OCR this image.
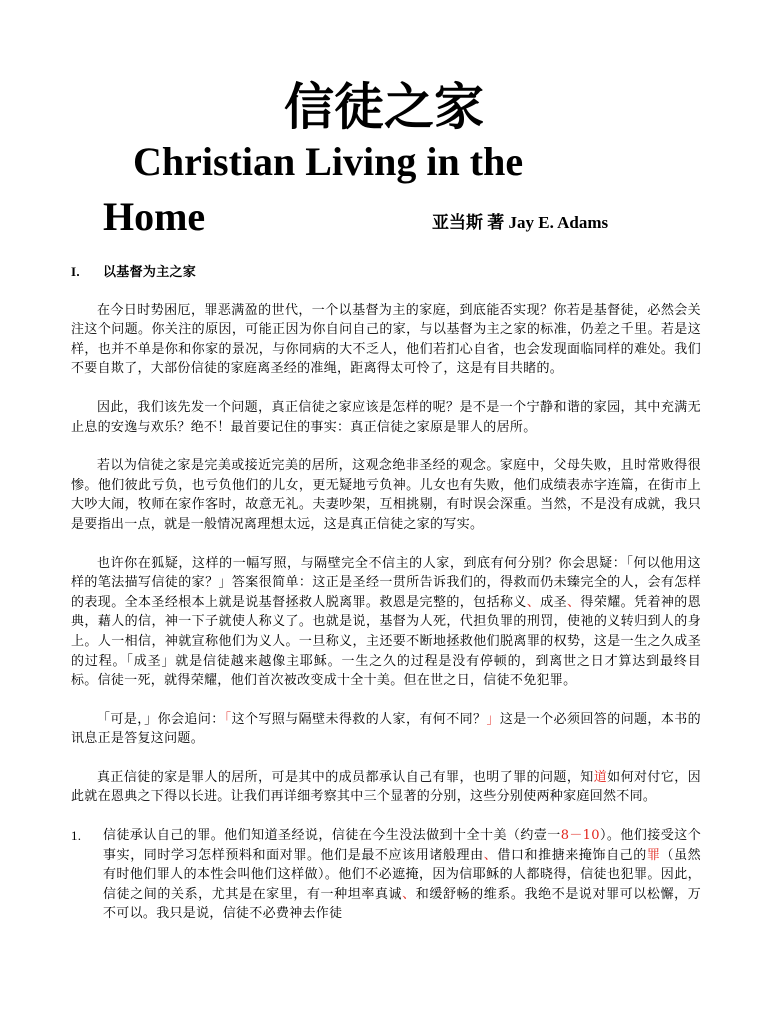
信徒之家
Christian Living in the
Home	亚当斯 著 Jay E. Adams
I. 以基督为主之家

在今日时势困厄，罪恶满盈的世代，一个以基督为主的家庭，到底能否实现？你若是基督徒，必然会关注这个问题。你关注的原因，可能正因为你自问自己的家，与以基督为主之家的标准，仍差之千里。若是这样，也并不单是你和你家的景况，与你同病的大不乏人，他们若扪心自省，也会发现面临同样的难处。我们不要自欺了，大部份信徒的家庭离圣经的准绳，距离得太可怜了，这是有目共睹的。

因此，我们该先发一个问题，真正信徒之家应该是怎样的呢？是不是一个宁静和谐的家园，其中充满无止息的安逸与欢乐？绝不！最首要记住的事实：真正信徒之家原是罪人的居所。

若以为信徒之家是完美或接近完美的居所，这观念绝非圣经的观念。家庭中，父母失败，且时常败得很惨。他们彼此亏负，也亏负他们的儿女，更无疑地亏负神。儿女也有失败，他们成绩表赤字连篇，在街市上大吵大闹，牧师在家作客时，故意无礼。夫妻吵架，互相挑剔，有时误会深重。当然，不是没有成就，我只是要指出一点，就是一般情况离理想太远，这是真正信徒之家的写实。

也许你在狐疑，这样的一幅写照，与隔壁完全不信主的人家，到底有何分别？你会思疑：「何以他用这样的笔法描写信徒的家？」答案很简单：这正是圣经一贯所告诉我们的，得救而仍未臻完全的人，会有怎样的表现。全本圣经根本上就是说基督拯救人脱离罪。救恩是完整的，包括称义、成圣、得荣耀。凭着神的恩典，藉人的信，神一下子就使人称义了。也就是说，基督为人死，代担负罪的刑罚，使祂的义转归到人的身上。人一相信，神就宣称他们为义人。一旦称义，主还要不断地拯救他们脱离罪的权势，这是一生之久成圣的过程。「成圣」就是信徒越来越像主耶稣。一生之久的过程是没有停顿的，到离世之日才算达到最终目标。信徒一死，就得荣耀，他们首次被改变成十全十美。但在世之日，信徒不免犯罪。

「可是，」你会追问：「这个写照与隔壁未得救的人家，有何不同？」这是一个必须回答的问题，本书的讯息正是答复这问题。

真正信徒的家是罪人的居所，可是其中的成员都承认自己有罪，也明了罪的问题，知道如何对付它，因此就在恩典之下得以长进。让我们再详细考察其中三个显著的分别，这些分别使两种家庭回然不同。

1.	信徒承认自己的罪。他们知道圣经说，信徒在今生没法做到十全十美（约壹一8－10）。他们接受这个事实，同时学习怎样预料和面对罪。他们是最不应该用诸般理由、借口和推搪来掩饰自己的罪（虽然有时他们罪人的本性会叫他们这样做）。他们不必遮掩，因为信耶稣的人都晓得，信徒也犯罪。因此，信徒之间的关系，尤其是在家里，有一种坦率真诚、和缓舒畅的维系。我绝不是说对罪可以松懈，万不可以。我只是说，信徒不必费神去作徒
